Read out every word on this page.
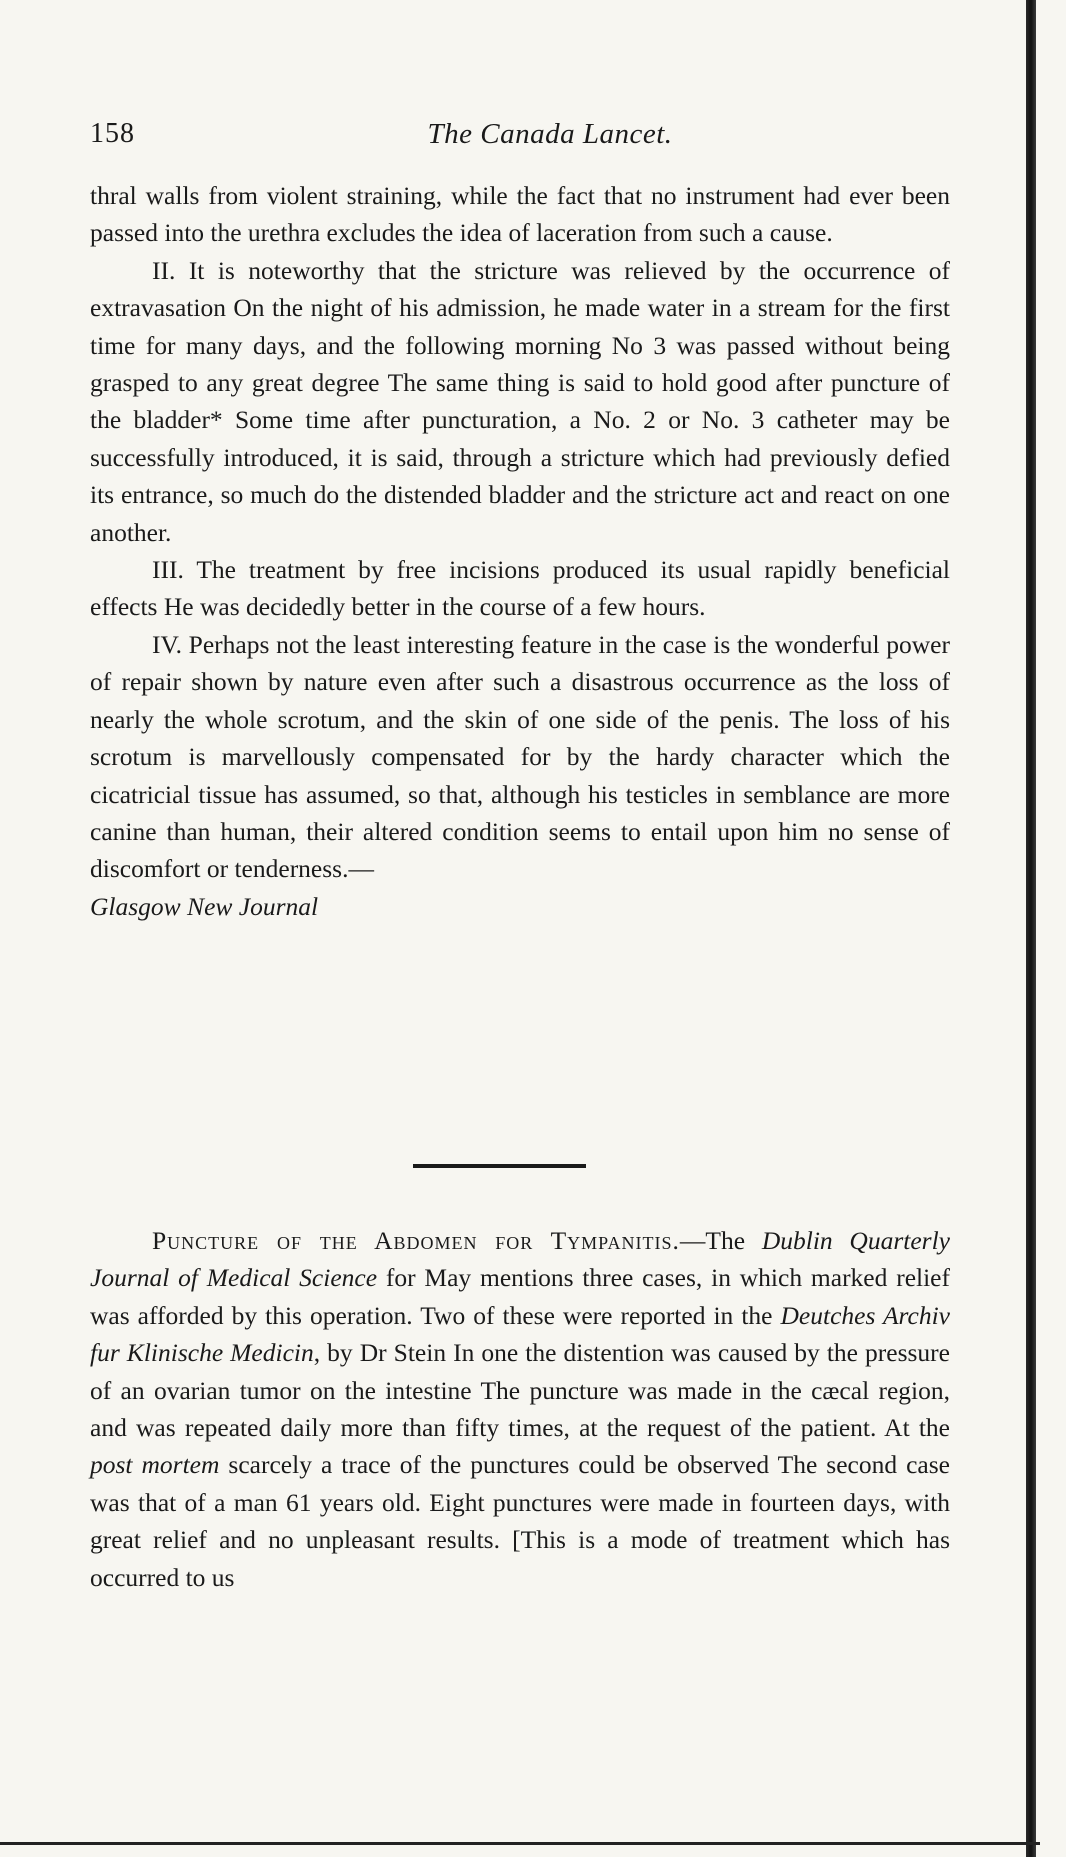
158	The Canada Lancet.

thral walls from violent straining, while the fact that no instrument had ever been passed into the urethra excludes the idea of laceration from such a cause.

II. It is noteworthy that the stricture was relieved by the occurrence of extravasation On the night of his admission, he made water in a stream for the first time for many days, and the following morning No 3 was passed without being grasped to any great degree The same thing is said to hold good after puncture of the bladder* Some time after puncturation, a No. 2 or No. 3 catheter may be successfully introduced, it is said, through a stricture which had previously defied its entrance, so much do the distended bladder and the stricture act and react on one another.

III. The treatment by free incisions produced its usual rapidly beneficial effects He was decidedly better in the course of a few hours.

IV. Perhaps not the least interesting feature in the case is the wonderful power of repair shown by nature even after such a disastrous occurrence as the loss of nearly the whole scrotum, and the skin of one side of the penis. The loss of his scrotum is marvellously compensated for by the hardy character which the cicatricial tissue has assumed, so that, although his testicles in semblance are more canine than human, their altered condition seems to entail upon him no sense of discomfort or tenderness.—

Glasgow New Journal

Puncture of the Abdomen for Tympanitis.—The Dublin Quarterly Journal of Medical Science for May mentions three cases, in which marked relief was afforded by this operation. Two of these were reported in the Deutches Archiv fur Klinische Medicin, by Dr Stein In one the distention was caused by the pressure of an ovarian tumor on the intestine The puncture was made in the cæcal region, and was repeated daily more than fifty times, at the request of the patient. At the post mortem scarcely a trace of the punctures could be observed The second case was that of a man 61 years old. Eight punctures were made in fourteen days, with great relief and no unpleasant results. [This is a mode of treatment which has occurred to us
